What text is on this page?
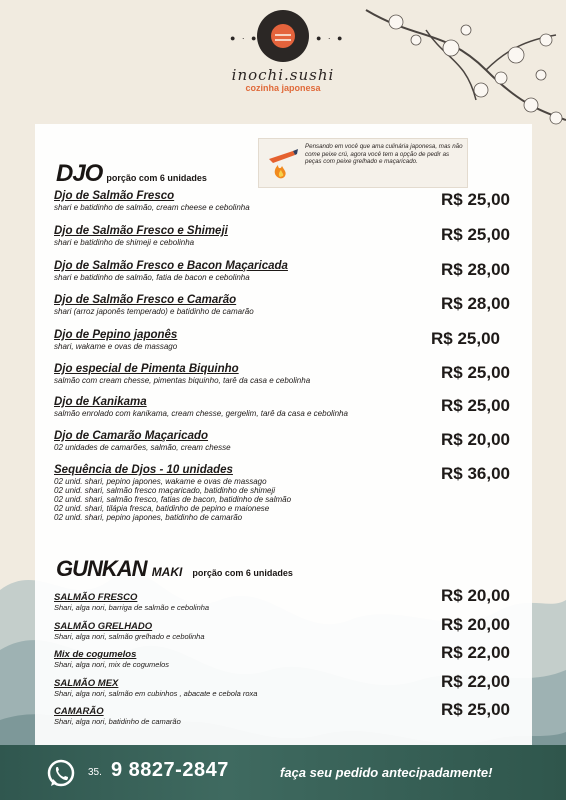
inochi.sushi
cozinha japonesa
● ∙ ●	● ∙ ●
Pensando em você que ama culinária japonesa, mas não come peixe crú, agora você tem a opção de pedir as peças com peixe grelhado e maçaricado.
DJO porção com 6 unidades
Djo de Salmão Fresco
shari e batidinho de salmão, cream cheese e cebolinha	R$ 25,00
Djo de Salmão Fresco e Shimeji
shari e batidinho de shimeji e cebolinha	R$ 25,00
Djo de Salmão Fresco e Bacon Maçaricada
shari e batidinho de salmão, fatia de bacon e cebolinha	R$ 28,00
Djo de Salmão Fresco e Camarão
shari (arroz japonês temperado) e batidinho de camarão	R$ 28,00
Djo de Pepino japonês
shari, wakame e ovas de massago	R$ 25,00
Djo especial de Pimenta Biquinho
salmão com cream chesse, pimentas biquinho, tarê da casa e cebolinha	R$ 25,00
Djo de Kanikama
salmão enrolado com kanikama, cream chesse, gergelim, tarê da casa e cebolinha	R$ 25,00
Djo de Camarão Maçaricado
02 unidades de camarões, salmão, cream chesse	R$ 20,00
Sequência de Djos - 10 unidades
02 unid. shari, pepino japones, wakame e ovas de massago
02 unid. shari, salmão fresco maçaricado, batidinho de shimeji
02 unid. shari, salmão fresco, fatias de bacon, batidinho de salmão
02 unid. shari, tilápia fresca, batidinho de pepino e maionese
02 unid. shari, pepino japones, batidinho de camarão
R$ 36,00
GUNKAN MAKI porção com 6 unidades
SALMÃO FRESCO
Shari, alga nori, barriga de salmão e cebolinha
R$ 20,00
SALMÃO GRELHADO
Shari, alga nori, salmão grelhado e cebolinha
R$ 20,00
Mix de cogumelos
Shari, alga nori, mix de cogumelos
R$ 22,00
SALMÃO MEX
Shari, alga nori, salmão em cubinhos , abacate e cebola roxa
R$ 22,00
CAMARÃO
Shari, alga nori, batidinho de camarão
R$ 25,00
35. 9 8827-2847	faça seu pedido antecipadamente!
